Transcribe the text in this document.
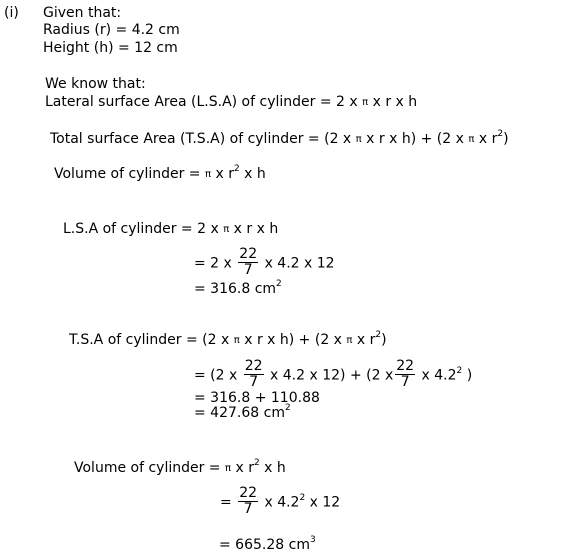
(i) Given that:
Radius (r) = 4.2 cm
Height (h) = 12 cm
We know that:
Lateral surface Area (L.S.A) of cylinder = 2 x π x r x h
Total surface Area (T.S.A) of cylinder = (2 x π x r x h) + (2 x π x $r^2$)
Volume of cylinder = π x $r^2$ x h
L.S.A of cylinder = 2 x π x r x h
= 2 x $\frac{22}{7}$ x 4.2 x 12
= 316.8 $cm^2$
T.S.A of cylinder = (2 x π x r x h) + (2 x π x $r^2$)
= (2 x $\frac{22}{7}$ x 4.2 x 12) + (2 x $\frac{22}{7}$ x $4.2^2$ )
= 316.8 + 110.88
= 427.68 $cm^2$
Volume of cylinder = π x $r^2$ x h
= $\frac{22}{7}$ x $4.2^2$ x 12
= 665.28 $cm^3$
